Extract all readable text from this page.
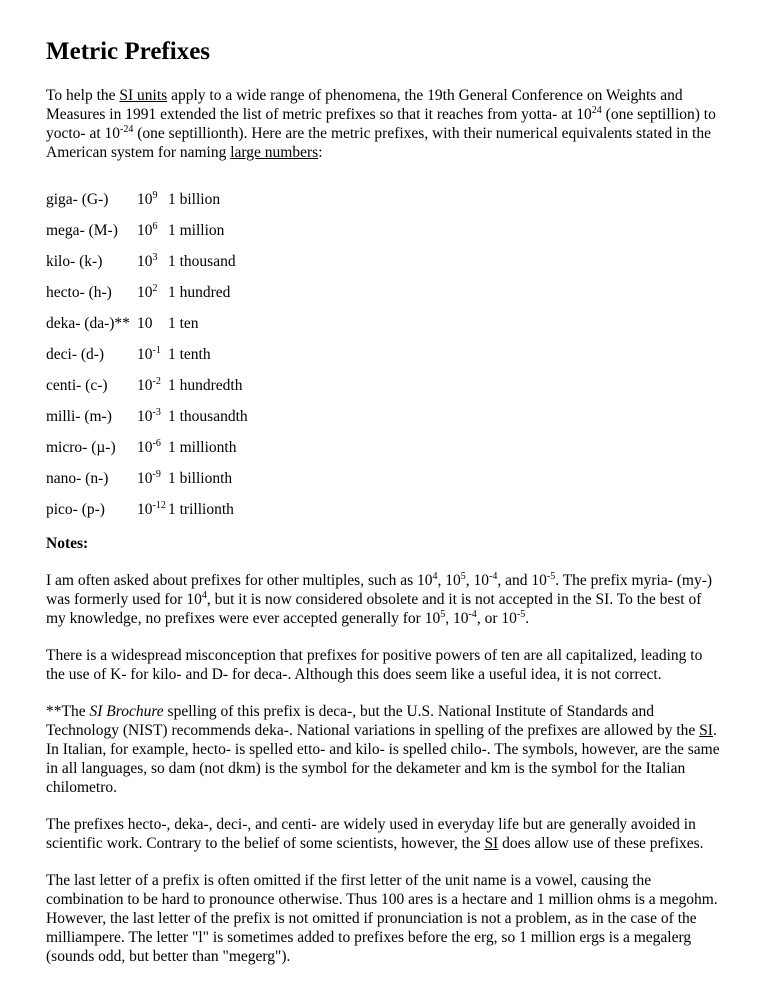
Metric Prefixes

To help the SI units apply to a wide range of phenomena, the 19th General Conference on Weights and Measures in 1991 extended the list of metric prefixes so that it reaches from yotta- at $10^{24}$ (one septillion) to yocto- at $10^{-24}$ (one septillionth). Here are the metric prefixes, with their numerical equivalents stated in the American system for naming large numbers:

giga- (G-)	$10^9$	1 billion
mega- (M-)	$10^6$	1 million
kilo- (k-)	$10^3$	1 thousand
hecto- (h-)	$10^2$	1 hundred
deka- (da-)**	10	1 ten
deci- (d-)	$10^{-1}$	1 tenth
centi- (c-)	$10^{-2}$	1 hundredth
milli- (m-)	$10^{-3}$	1 thousandth
micro- (µ-)	$10^{-6}$	1 millionth
nano- (n-)	$10^{-9}$	1 billionth
pico- (p-)	$10^{-12}$	1 trillionth

Notes:

I am often asked about prefixes for other multiples, such as $10^4$, $10^5$, $10^{-4}$, and $10^{-5}$. The prefix myria- (my-) was formerly used for $10^4$, but it is now considered obsolete and it is not accepted in the SI. To the best of my knowledge, no prefixes were ever accepted generally for $10^5$, $10^{-4}$, or $10^{-5}$.

There is a widespread misconception that prefixes for positive powers of ten are all capitalized, leading to the use of K- for kilo- and D- for deca-. Although this does seem like a useful idea, it is not correct.

**The SI Brochure spelling of this prefix is deca-, but the U.S. National Institute of Standards and Technology (NIST) recommends deka-. National variations in spelling of the prefixes are allowed by the SI. In Italian, for example, hecto- is spelled etto- and kilo- is spelled chilo-. The symbols, however, are the same in all languages, so dam (not dkm) is the symbol for the dekameter and km is the symbol for the Italian chilometro.

The prefixes hecto-, deka-, deci-, and centi- are widely used in everyday life but are generally avoided in scientific work. Contrary to the belief of some scientists, however, the SI does allow use of these prefixes.

The last letter of a prefix is often omitted if the first letter of the unit name is a vowel, causing the combination to be hard to pronounce otherwise. Thus 100 ares is a hectare and 1 million ohms is a megohm. However, the last letter of the prefix is not omitted if pronunciation is not a problem, as in the case of the milliampere. The letter "l" is sometimes added to prefixes before the erg, so 1 million ergs is a megalerg (sounds odd, but better than "megerg").
